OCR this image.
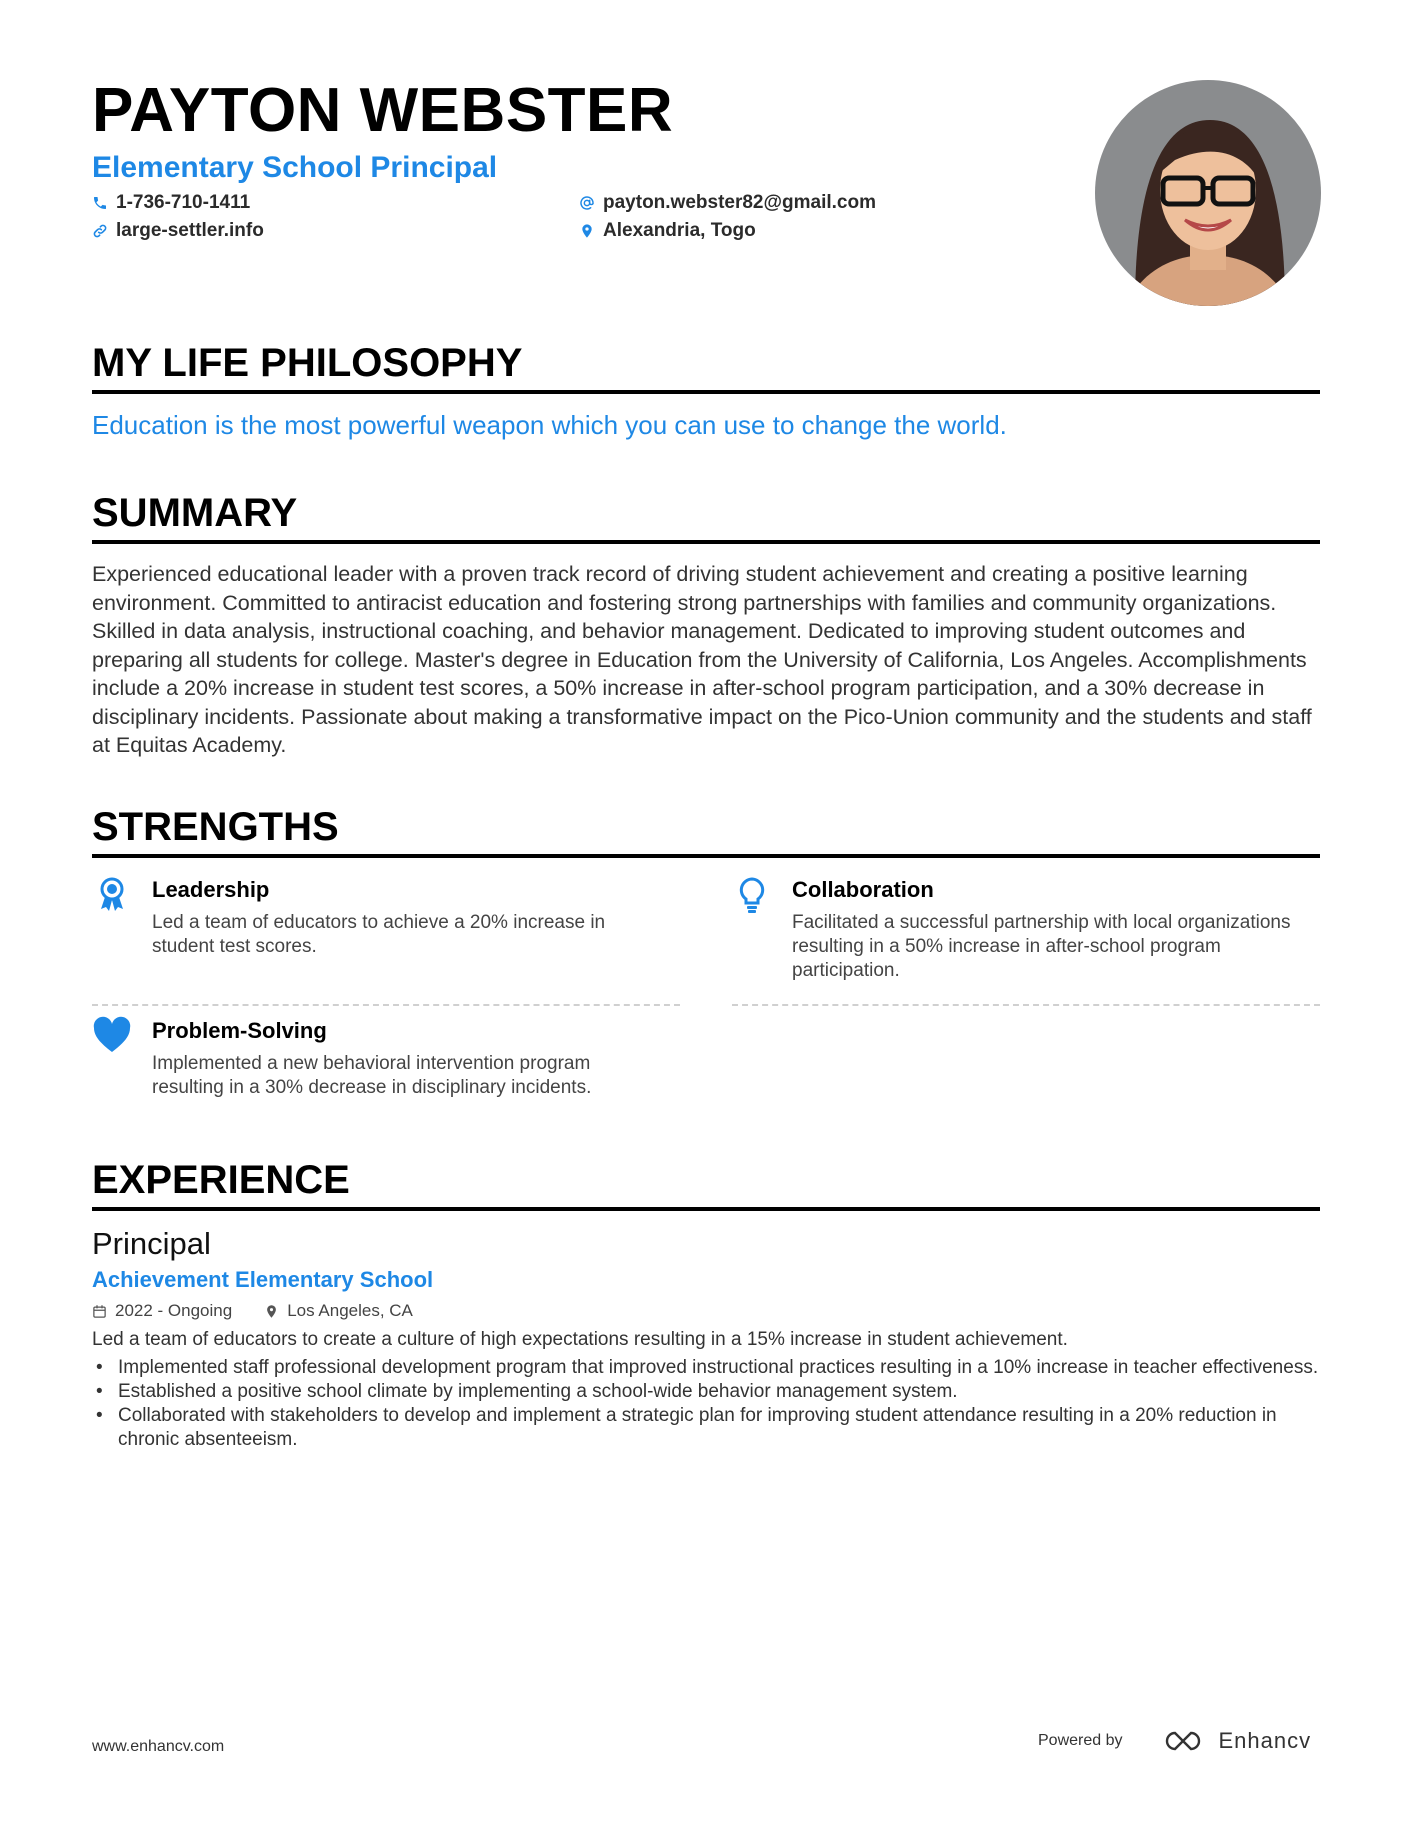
PAYTON WEBSTER
Elementary School Principal
1-736-710-1411
large-settler.info
payton.webster82@gmail.com
Alexandria, Togo
MY LIFE PHILOSOPHY
Education is the most powerful weapon which you can use to change the world.
SUMMARY

Experienced educational leader with a proven track record of driving student achievement and creating a positive learning environment. Committed to antiracist education and fostering strong partnerships with families and community organizations. Skilled in data analysis, instructional coaching, and behavior management. Dedicated to improving student outcomes and preparing all students for college. Master's degree in Education from the University of California, Los Angeles. Accomplishments include a 20% increase in student test scores, a 50% increase in after-school program participation, and a 30% decrease in disciplinary incidents. Passionate about making a transformative impact on the Pico-Union community and the students and staff at Equitas Academy.

STRENGTHS
Leadership

Led a team of educators to achieve a 20% increase in student test scores.

Collaboration

Facilitated a successful partnership with local organizations resulting in a 50% increase in after-school program participation.

Problem-Solving

Implemented a new behavioral intervention program resulting in a 30% decrease in disciplinary incidents.

EXPERIENCE
Principal
Achievement Elementary School
2022 - Ongoing	Los Angeles, CA
Led a team of educators to create a culture of high expectations resulting in a 15% increase in student achievement.
• Implemented staff professional development program that improved instructional practices resulting in a 10% increase in teacher effectiveness.
• Established a positive school climate by implementing a school-wide behavior management system.
• Collaborated with stakeholders to develop and implement a strategic plan for improving student attendance resulting in a 20% reduction in chronic absenteeism.
www.enhancv.com	Powered by	Enhancv
